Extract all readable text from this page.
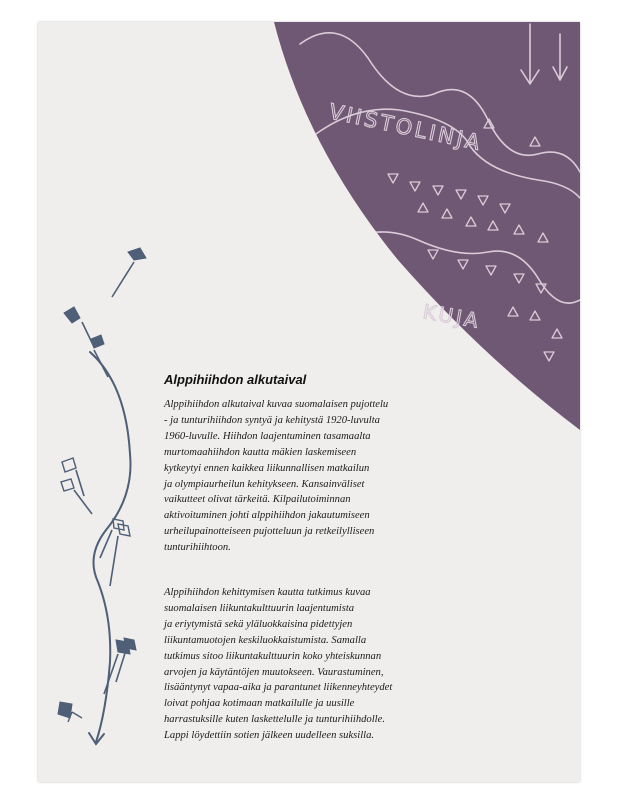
VIISTOLINJA
KUJA
Alppihiihdon alkutaival
Alppihiihdon alkutaival kuvaa suomalaisen pujottelu
- ja tunturihiihdon syntyä ja kehitystä 1920-luvulta
1960-luvulle. Hiihdon laajentuminen tasamaalta
murtomaahiihdon kautta mäkien laskemiseen
kytkeytyi ennen kaikkea liikunnallisen matkailun
ja olympiaurheilun kehitykseen. Kansainväliset
vaikutteet olivat tärkeitä. Kilpailutoiminnan
aktivoituminen johti alppihiihdon jakautumiseen
urheilupainotteiseen pujotteluun ja retkeilylliseen
tunturihiihtoon.
Alppihiihdon kehittymisen kautta tutkimus kuvaa
suomalaisen liikuntakulttuurin laajentumista
ja eriytymistä sekä yläluokkaisina pidettyjen
liikuntamuotojen keskiluokkaistumista. Samalla
tutkimus sitoo liikuntakulttuurin koko yhteiskunnan
arvojen ja käytäntöjen muutokseen. Vaurastuminen,
lisääntynyt vapaa-aika ja parantunet liikenneyhteydet
loivat pohjaa kotimaan matkailulle ja uusille
harrastuksille kuten laskettelulle ja tunturihiihdolle.
Lappi löydettiin sotien jälkeen uudelleen suksilla.
